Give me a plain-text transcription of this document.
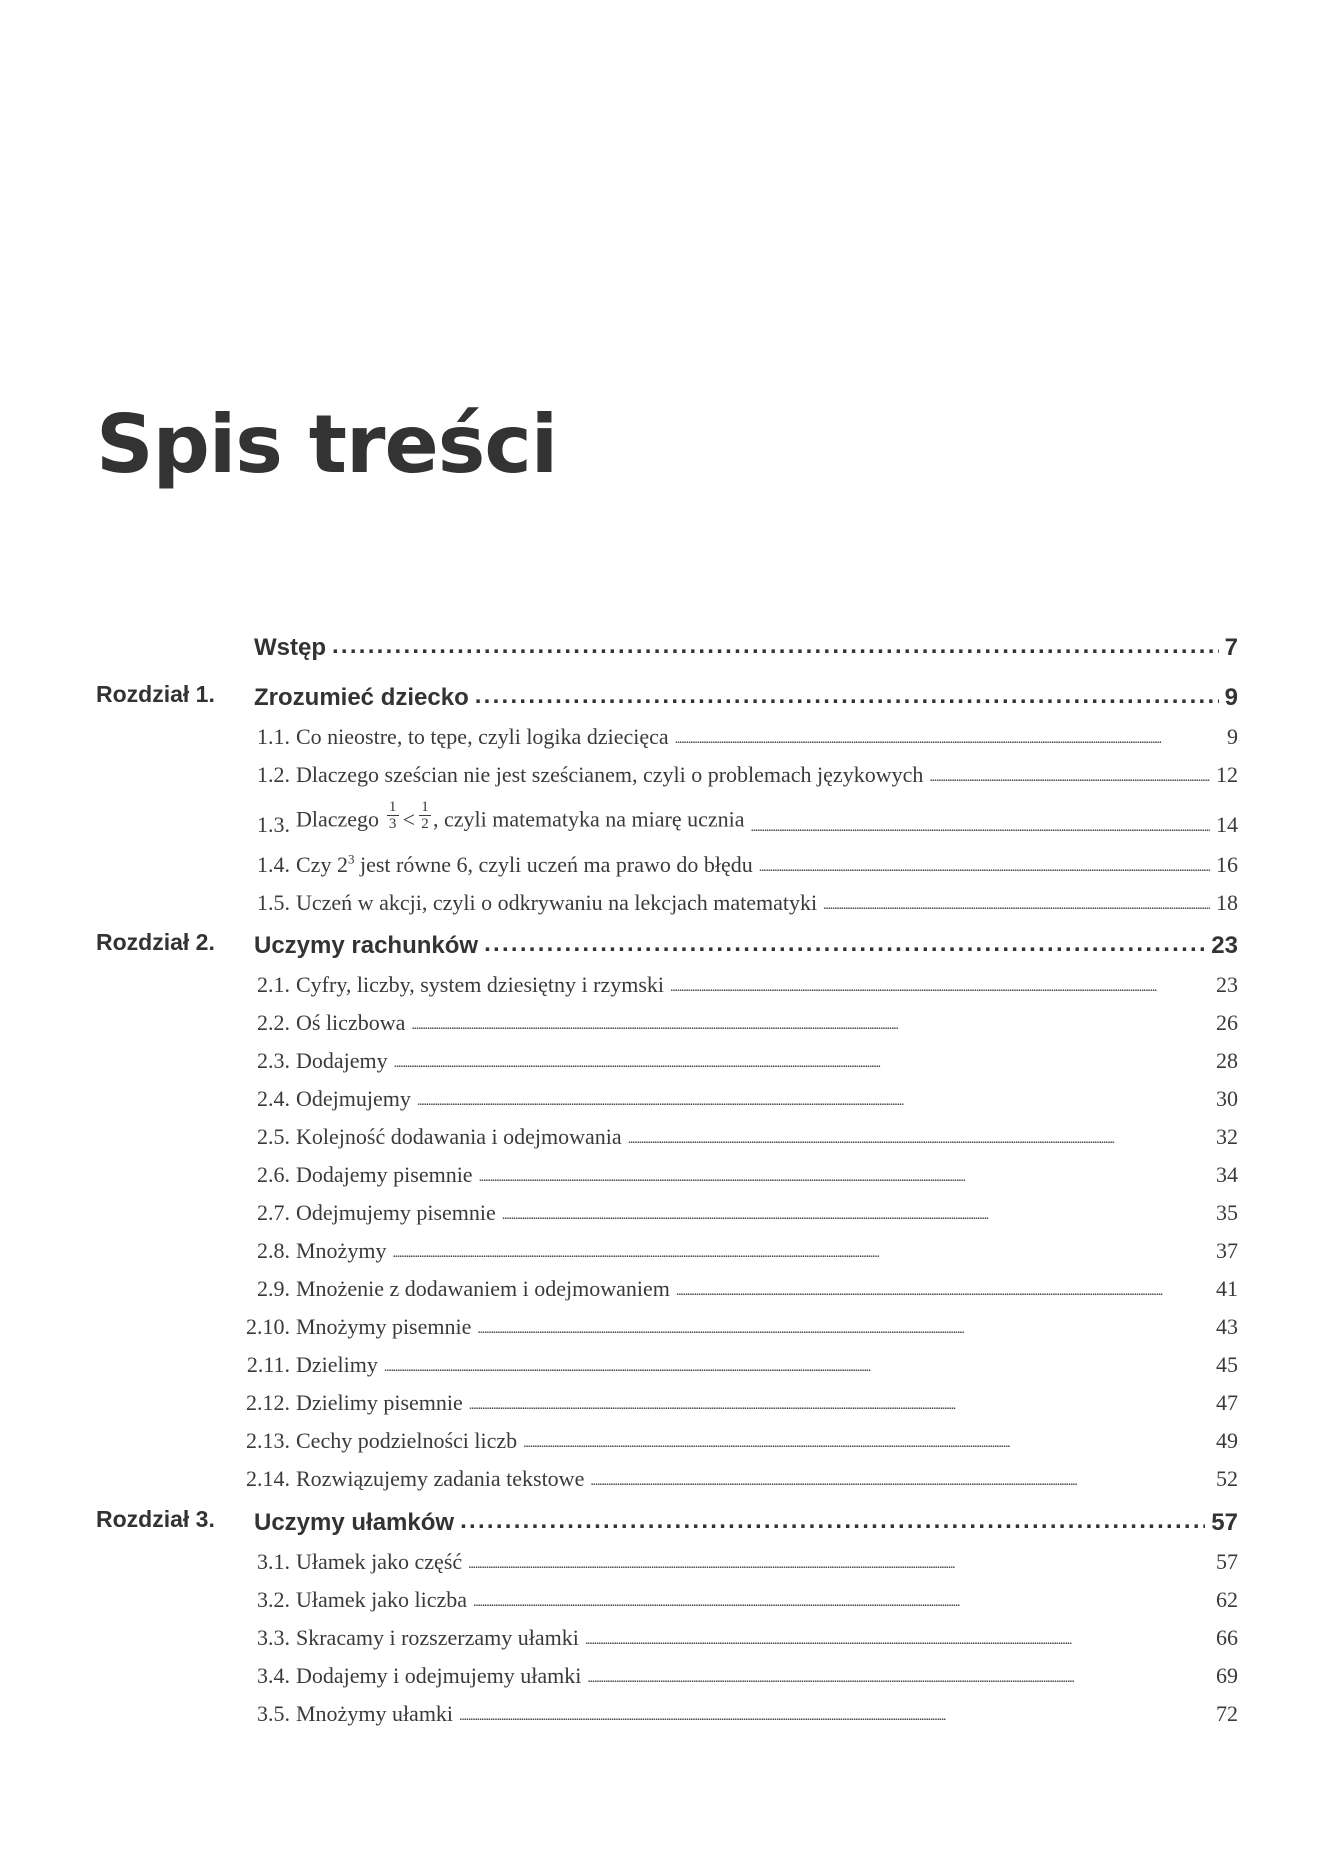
Spis treści
Wstęp . . .	7
Rozdział 1. Zrozumieć dziecko . . .	9
1.1. Co nieostre, to tępe, czyli logika dziecięca . . .	9
1.2. Dlaczego sześcian nie jest sześcianem, czyli o problemach językowych . . .	12
1.3. Dlaczego $\frac{1}{3} < \frac{1}{2}$ , czyli matematyka na miarę ucznia . . .	14
1.4. Czy $2^3$ jest równe 6, czyli uczeń ma prawo do błędu . . .	16
1.5. Uczeń w akcji, czyli o odkrywaniu na lekcjach matematyki . . .	18
Rozdział 2. Uczymy rachunków . . .	23
2.1. Cyfry, liczby, system dziesiętny i rzymski . . .	23
2.2. Oś liczbowa . . .	26
2.3. Dodajemy . . .	28
2.4. Odejmujemy . . .	30
2.5. Kolejność dodawania i odejmowania . . .	32
2.6. Dodajemy pisemnie . . .	34
2.7. Odejmujemy pisemnie . . .	35
2.8. Mnożymy . . .	37
2.9. Mnożenie z dodawaniem i odejmowaniem . . .	41
2.10. Mnożymy pisemnie . . .	43
2.11. Dzielimy . . .	45
2.12. Dzielimy pisemnie . . .	47
2.13. Cechy podzielności liczb . . .	49
2.14. Rozwiązujemy zadania tekstowe . . .	52
Rozdział 3. Uczymy ułamków . . .	57
3.1. Ułamek jako część . . .	57
3.2. Ułamek jako liczba . . .	62
3.3. Skracamy i rozszerzamy ułamki . . .	66
3.4. Dodajemy i odejmujemy ułamki . . .	69
3.5. Mnożymy ułamki . . .	72
